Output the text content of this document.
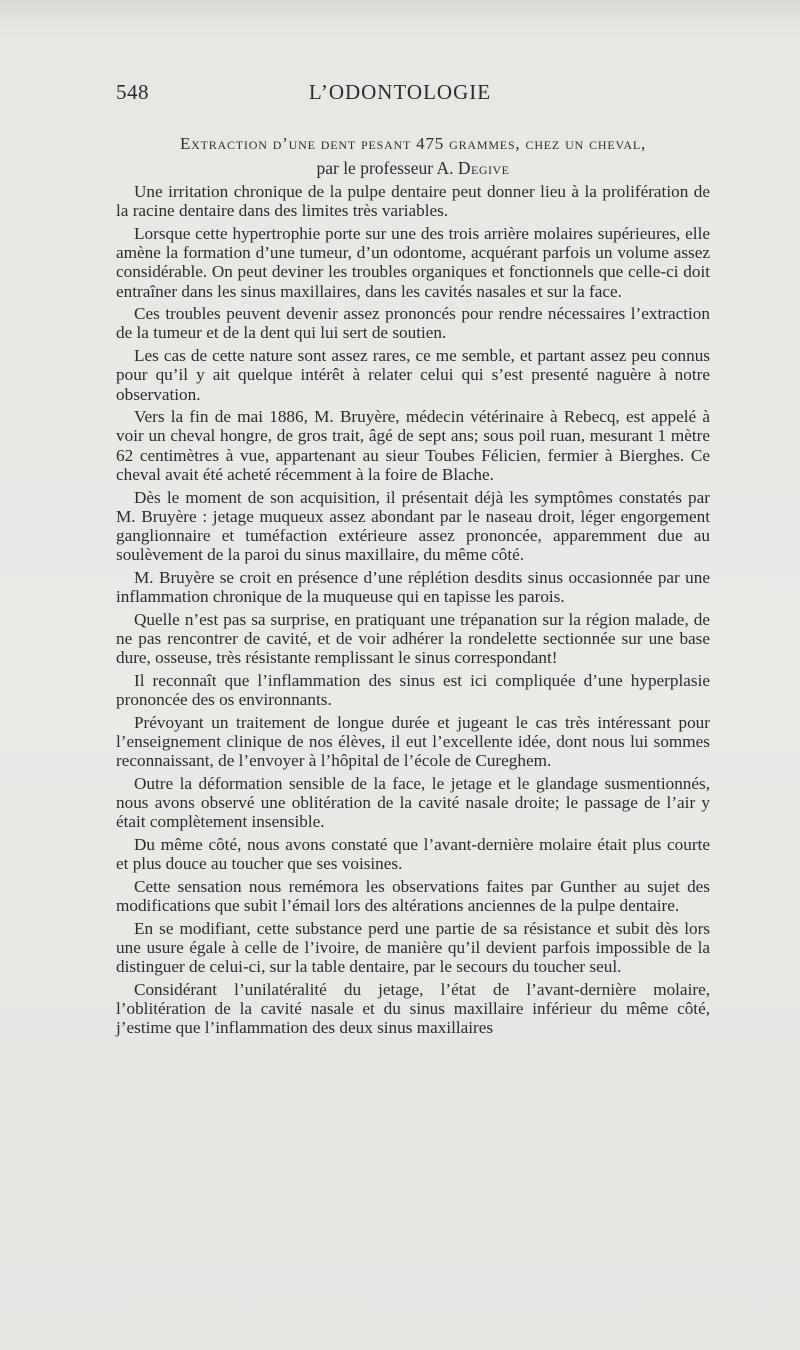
548	L’ODONTOLOGIE
Extraction d’une dent pesant 475 grammes, chez un cheval,
par le professeur A. Degive

Une irritation chronique de la pulpe dentaire peut donner lieu à la prolifération de la racine dentaire dans des limites très variables.

Lorsque cette hypertrophie porte sur une des trois arrière molaires supérieures, elle amène la formation d’une tumeur, d’un odontome, acquérant parfois un volume assez considérable. On peut deviner les troubles organiques et fonctionnels que celle-ci doit entraîner dans les sinus maxillaires, dans les cavités nasales et sur la face.

Ces troubles peuvent devenir assez prononcés pour rendre nécessaires l’extraction de la tumeur et de la dent qui lui sert de soutien.

Les cas de cette nature sont assez rares, ce me semble, et partant assez peu connus pour qu’il y ait quelque intérêt à relater celui qui s’est presenté naguère à notre observation.

Vers la fin de mai 1886, M. Bruyère, médecin vétérinaire à Rebecq, est appelé à voir un cheval hongre, de gros trait, âgé de sept ans; sous poil ruan, mesurant 1 mètre 62 centimètres à vue, appartenant au sieur Toubes Félicien, fermier à Bierghes. Ce cheval avait été acheté récemment à la foire de Blache.

Dès le moment de son acquisition, il présentait déjà les symptômes constatés par M. Bruyère : jetage muqueux assez abondant par le naseau droit, léger engorgement ganglionnaire et tuméfaction extérieure assez prononcée, apparemment due au soulèvement de la paroi du sinus maxillaire, du même côté.

M. Bruyère se croit en présence d’une réplétion desdits sinus occasionnée par une inflammation chronique de la muqueuse qui en tapisse les parois.

Quelle n’est pas sa surprise, en pratiquant une trépanation sur la région malade, de ne pas rencontrer de cavité, et de voir adhérer la rondelette sectionnée sur une base dure, osseuse, très résistante remplissant le sinus correspondant!

Il reconnaît que l’inflammation des sinus est ici compliquée d’une hyperplasie prononcée des os environnants.

Prévoyant un traitement de longue durée et jugeant le cas très intéressant pour l’enseignement clinique de nos élèves, il eut l’excellente idée, dont nous lui sommes reconnaissant, de l’envoyer à l’hôpital de l’école de Cureghem.

Outre la déformation sensible de la face, le jetage et le glandage susmentionnés, nous avons observé une oblitération de la cavité nasale droite; le passage de l’air y était complètement insensible.

Du même côté, nous avons constaté que l’avant-dernière molaire était plus courte et plus douce au toucher que ses voisines.

Cette sensation nous remémora les observations faites par Gunther au sujet des modifications que subit l’émail lors des altérations anciennes de la pulpe dentaire.

En se modifiant, cette substance perd une partie de sa résistance et subit dès lors une usure égale à celle de l’ivoire, de manière qu’il devient parfois impossible de la distinguer de celui-ci, sur la table dentaire, par le secours du toucher seul.

Considérant l’unilatéralité du jetage, l’état de l’avant-dernière molaire, l’oblitération de la cavité nasale et du sinus maxillaire inférieur du même côté, j’estime que l’inflammation des deux sinus maxillaires
